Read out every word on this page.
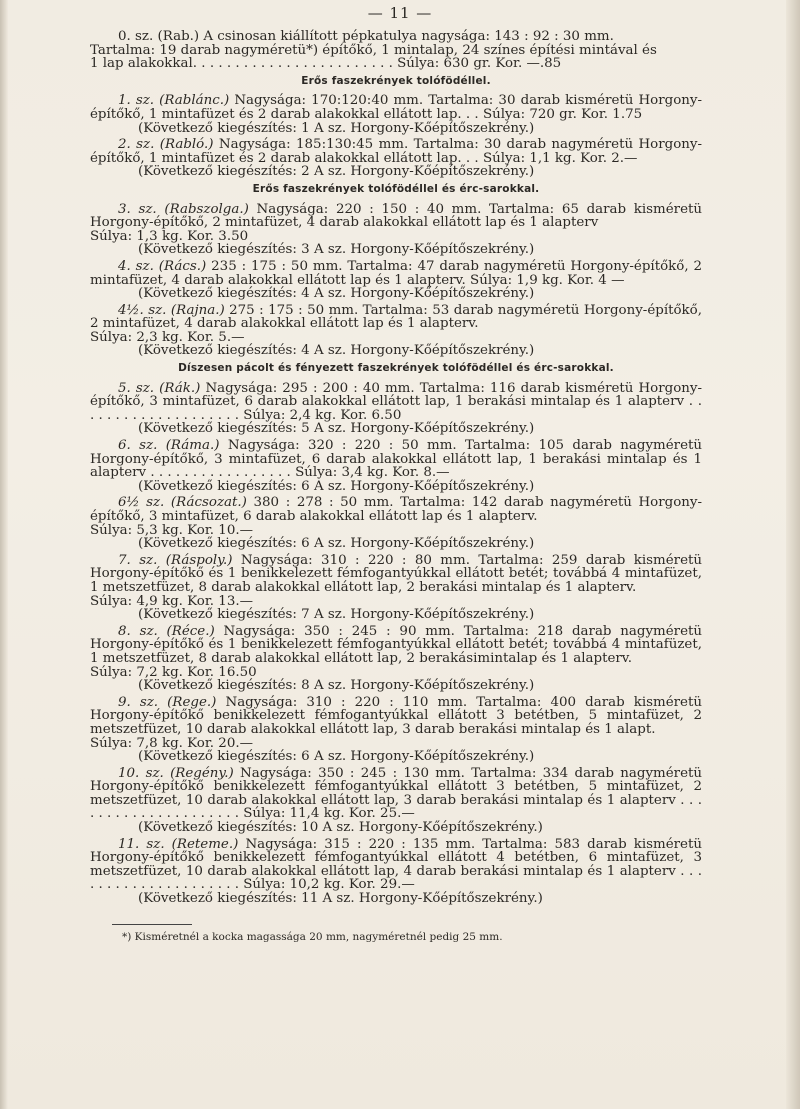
— 11 —

0. sz. (Rab.) A csinosan kiállított pépkatulya nagysága: 143 : 92 : 30 mm.

Tartalma: 19 darab nagyméretü*) építőkő, 1 mintalap, 24 színes építési mintával és

1 lap alakokkal. . . . . . . . . . . . . . . . . . . . . . . . Súlya: 630 gr. Kor. —.85

Erős faszekrények tolófödéllel.

1. sz. (Rablánc.) Nagysága: 170:120:40 mm. Tartalma: 30 darab kisméretü Horgony-építőkő, 1 mintafüzet és 2 darab alakokkal ellátott lap. . . Súlya: 720 gr. Kor. 1.75

(Következő kiegészítés: 1 A sz. Horgony-Kőépítőszekrény.)

2. sz. (Rabló.) Nagysága: 185:130:45 mm. Tartalma: 30 darab nagyméretü Horgony-építőkő, 1 mintafüzet és 2 darab alakokkal ellátott lap. . . Súlya: 1,1 kg. Kor. 2.—

(Következő kiegészítés: 2 A sz. Horgony-Kőépítőszekrény.)

Erős faszekrények tolófödéllel és érc-sarokkal.

3. sz. (Rabszolga.) Nagysága: 220 : 150 : 40 mm. Tartalma: 65 darab kisméretü Horgony-építőkő, 2 mintafüzet, 4 darab alakokkal ellátott lap és 1 alapterv

Súlya: 1,3 kg. Kor. 3.50

(Következő kiegészítés: 3 A sz. Horgony-Kőépítőszekrény.)

4. sz. (Rács.) 235 : 175 : 50 mm. Tartalma: 47 darab nagyméretü Horgony-építőkő, 2 mintafüzet, 4 darab alakokkal ellátott lap és 1 alapterv. Súlya: 1,9 kg. Kor. 4 —

(Következő kiegészítés: 4 A sz. Horgony-Kőépítőszekrény.)

4½. sz. (Rajna.) 275 : 175 : 50 mm. Tartalma: 53 darab nagyméretü Horgony-építőkő, 2 mintafüzet, 4 darab alakokkal ellátott lap és 1 alapterv.

Súlya: 2,3 kg. Kor. 5.—

(Következő kiegészítés: 4 A sz. Horgony-Kőépítőszekrény.)

Díszesen pácolt és fényezett faszekrények tolófödéllel és érc-sarokkal.

5. sz. (Rák.) Nagysága: 295 : 200 : 40 mm. Tartalma: 116 darab kisméretü Horgony-építőkő, 3 mintafüzet, 6 darab alakokkal ellátott lap, 1 berakási mintalap és 1 alapterv . . . . . . . . . . . . . . . . . . . . Súlya: 2,4 kg. Kor. 6.50

(Következő kiegészítés: 5 A sz. Horgony-Kőépítőszekrény.)

6. sz. (Ráma.) Nagysága: 320 : 220 : 50 mm. Tartalma: 105 darab nagyméretü Horgony-építőkő, 3 mintafüzet, 6 darab alakokkal ellátott lap, 1 berakási mintalap és 1 alapterv . . . . . . . . . . . . . . . . . Súlya: 3,4 kg. Kor. 8.—

(Következő kiegészítés: 6 A sz. Horgony-Kőépítőszekrény.)

6½ sz. (Rácsozat.) 380 : 278 : 50 mm. Tartalma: 142 darab nagyméretü Horgony-építőkő, 3 mintafüzet, 6 darab alakokkal ellátott lap és 1 alapterv.

Súlya: 5,3 kg. Kor. 10.—

(Következő kiegészítés: 6 A sz. Horgony-Kőépítőszekrény.)

7. sz. (Ráspoly.) Nagysága: 310 : 220 : 80 mm. Tartalma: 259 darab kisméretü Horgony-építőkő és 1 benikkelezett fémfogantyúkkal ellátott betét; továbbá 4 mintafüzet, 1 metszetfüzet, 8 darab alakokkal ellátott lap, 2 berakási mintalap és 1 alapterv.

Súlya: 4,9 kg. Kor. 13.—

(Következő kiegészítés: 7 A sz. Horgony-Kőépítőszekrény.)

8. sz. (Réce.) Nagysága: 350 : 245 : 90 mm. Tartalma: 218 darab nagyméretü Horgony-építőkő és 1 benikkelezett fémfogantyúkkal ellátott betét; továbbá 4 mintafüzet, 1 metszetfüzet, 8 darab alakokkal ellátott lap, 2 berakásimintalap és 1 alapterv.

Súlya: 7,2 kg. Kor. 16.50

(Következő kiegészítés: 8 A sz. Horgony-Kőépítőszekrény.)

9. sz. (Rege.) Nagysága: 310 : 220 : 110 mm. Tartalma: 400 darab kisméretü Horgony-építőkő benikkelezett fémfogantyúkkal ellátott 3 betétben, 5 mintafüzet, 2 metszetfüzet, 10 darab alakokkal ellátott lap, 3 darab berakási mintalap és 1 alapt.

Súlya: 7,8 kg. Kor. 20.—

(Következő kiegészítés: 6 A sz. Horgony-Kőépítőszekrény.)

10. sz. (Regény.) Nagysága: 350 : 245 : 130 mm. Tartalma: 334 darab nagyméretü Horgony-építőkő benikkelezett fémfogantyúkkal ellátott 3 betétben, 5 mintafüzet, 2 metszetfüzet, 10 darab alakokkal ellátott lap, 3 darab berakási mintalap és 1 alapterv . . . . . . . . . . . . . . . . . . . . . Súlya: 11,4 kg. Kor. 25.—

(Következő kiegészítés: 10 A sz. Horgony-Kőépítőszekrény.)

11. sz. (Reteme.) Nagysága: 315 : 220 : 135 mm. Tartalma: 583 darab kisméretü Horgony-építőkő benikkelezett fémfogantyúkkal ellátott 4 betétben, 6 mintafüzet, 3 metszetfüzet, 10 darab alakokkal ellátott lap, 4 darab berakási mintalap és 1 alapterv . . . . . . . . . . . . . . . . . . . . . Súlya: 10,2 kg. Kor. 29.—

(Következő kiegészítés: 11 A sz. Horgony-Kőépítőszekrény.)

*) Kisméretnél a kocka magassága 20 mm, nagyméretnél pedig 25 mm.
